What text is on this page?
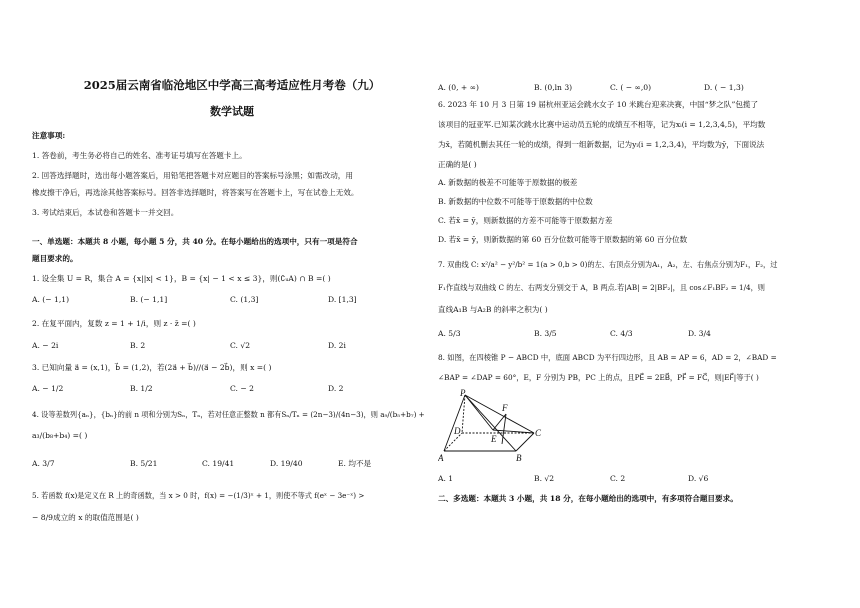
2025届云南省临沧地区中学高三高考适应性月考卷（九）
数学试题
注意事项:
1. 答卷前，考生务必将自己的姓名、准考证号填写在答题卡上。
2. 回答选择题时，选出每小题答案后，用铅笔把答题卡对应题目的答案标号涂黑；如需改动，用
橡皮擦干净后，再选涂其他答案标号。回答非选择题时，将答案写在答题卡上，写在试卷上无效。
3. 考试结束后，本试卷和答题卡一并交回。
一、单选题：本题共 8 小题，每小题 5 分，共 40 分。在每小题给出的选项中，只有一项是符合
题目要求的。
1. 设全集 U = R，集合 A = {x||x| < 1}，B = {x| − 1 < x ≤ 3}，则(∁ᵤA) ∩ B =( )
A. (− 1,1)	B. (− 1,1]	C. (1,3]	D. [1,3]
2. 在复平面内，复数 z = 1 + 1/i，则 z · z̄ =( )
A. − 2i	B. 2	C. √2	D. 2i
3. 已知向量 a⃗ = (x,1)，b⃗ = (1,2)，若(2a⃗ + b⃗)//(a⃗ − 2b⃗)，则 x =( )
A. − 1/2	B. 1/2	C. − 2	D. 2
4. 设等差数列{aₙ}，{bₙ}的前 n 项和分别为Sₙ，Tₙ，若对任意正整数 n 都有Sₙ/Tₙ = (2n−3)/(4n−3)，则 a₉/(b₅+b₇) +
a₃/(b₈+b₄) =( )
A. 3/7	B. 5/21	C. 19/41	D. 19/40	E. 均不是
5. 若函数 f(x)是定义在 R 上的奇函数，当 x > 0 时，f(x) = −(1/3)ˣ + 1，则使不等式 f(eˣ − 3e⁻ˣ) >
− 8/9成立的 x 的取值范围是( )
A. (0, + ∞)	B. (0,ln 3)	C. ( − ∞,0)	D. ( − 1,3)
6. 2023 年 10 月 3 日第 19 届杭州亚运会跳水女子 10 米跳台迎来决赛，中国“梦之队”包揽了
该项目的冠亚军.已知某次跳水比赛中运动员五轮的成绩互不相等，记为xᵢ(i = 1,2,3,4,5)，平均数
为x̄，若随机删去其任一轮的成绩，得到一组新数据，记为yᵢ(i = 1,2,3,4)，平均数为ȳ，下面说法
正确的是( )
A. 新数据的极差不可能等于原数据的极差
B. 新数据的中位数不可能等于原数据的中位数
C. 若x̄ = ȳ，则新数据的方差不可能等于原数据方差
D. 若x̄ = ȳ，则新数据的第 60 百分位数可能等于原数据的第 60 百分位数
7. 双曲线 C: x²/a² − y²/b² = 1(a > 0,b > 0)的左、右顶点分别为A₁，A₂，左、右焦点分别为F₁，F₂，过
F₁作直线与双曲线 C 的左、右两支分别交于 A，B 两点.若|AB| = 2|BF₂|，且 cos∠F₁BF₂ = 1/4，则
直线A₁B 与A₂B 的斜率之积为( )
A. 5/3	B. 3/5	C. 4/3	D. 3/4
8. 如图，在四棱锥 P − ABCD 中，底面 ABCD 为平行四边形，且 AB = AP = 6，AD = 2，∠BAD =
∠BAP = ∠DAP = 60°，E，F 分别为 PB，PC 上的点，且PE⃗ = 2EB⃗，PF⃗ = FC⃗，则|EF⃗|等于( )
P
F
D
E
C
A	B
A. 1	B. √2	C. 2	D. √6
二、多选题：本题共 3 小题，共 18 分，在每小题给出的选项中，有多项符合题目要求。
